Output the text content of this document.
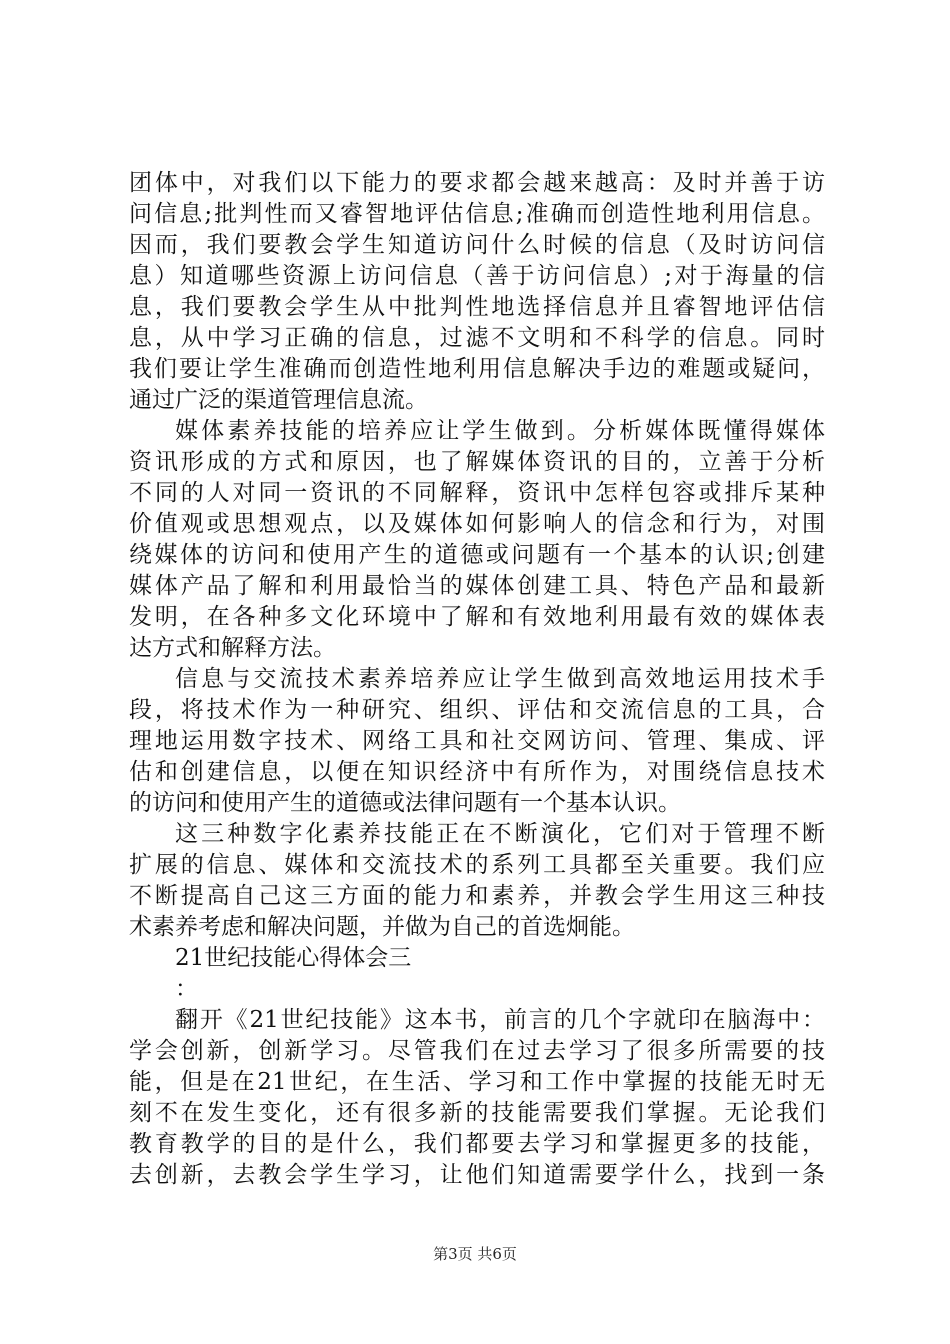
团体中，对我们以下能力的要求都会越来越高：及时并善于访
问信息;批判性而又睿智地评估信息;准确而创造性地利用信息。
因而，我们要教会学生知道访问什么时候的信息（及时访问信
息）知道哪些资源上访问信息（善于访问信息）;对于海量的信
息，我们要教会学生从中批判性地选择信息并且睿智地评估信
息，从中学习正确的信息，过滤不文明和不科学的信息。同时
我们要让学生准确而创造性地利用信息解决手边的难题或疑问，
通过广泛的渠道管理信息流。
媒体素养技能的培养应让学生做到。分析媒体既懂得媒体
资讯形成的方式和原因，也了解媒体资讯的目的，立善于分析
不同的人对同一资讯的不同解释，资讯中怎样包容或排斥某种
价值观或思想观点，以及媒体如何影响人的信念和行为，对围
绕媒体的访问和使用产生的道德或问题有一个基本的认识;创建
媒体产品了解和利用最恰当的媒体创建工具、特色产品和最新
发明，在各种多文化环境中了解和有效地利用最有效的媒体表
达方式和解释方法。
信息与交流技术素养培养应让学生做到高效地运用技术手
段，将技术作为一种研究、组织、评估和交流信息的工具，合
理地运用数字技术、网络工具和社交网访问、管理、集成、评
估和创建信息，以便在知识经济中有所作为，对围绕信息技术
的访问和使用产生的道德或法律问题有一个基本认识。
这三种数字化素养技能正在不断演化，它们对于管理不断
扩展的信息、媒体和交流技术的系列工具都至关重要。我们应
不断提高自己这三方面的能力和素养，并教会学生用这三种技
术素养考虑和解决问题，并做为自己的首选炯能。
21世纪技能心得体会三
：
翻开《21世纪技能》这本书，前言的几个字就印在脑海中：
学会创新，创新学习。尽管我们在过去学习了很多所需要的技
能，但是在21世纪，在生活、学习和工作中掌握的技能无时无
刻不在发生变化，还有很多新的技能需要我们掌握。无论我们
教育教学的目的是什么，我们都要去学习和掌握更多的技能，
去创新，去教会学生学习，让他们知道需要学什么，找到一条
第3页 共6页
